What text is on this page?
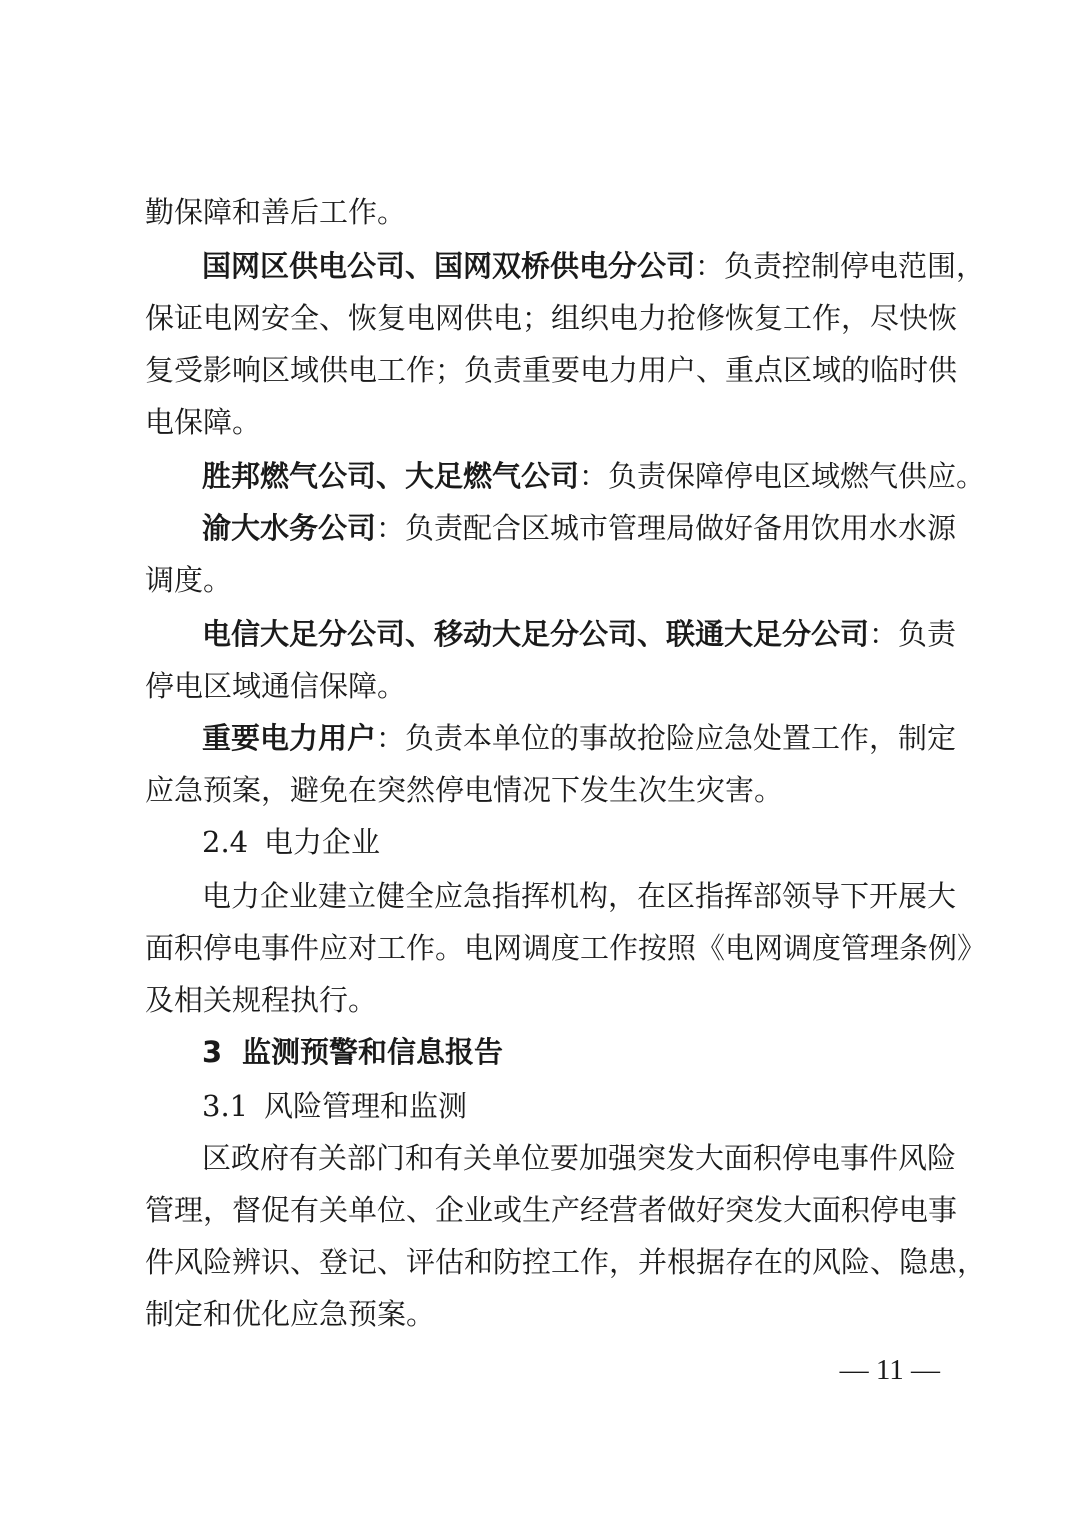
勤保障和善后工作。
国网区供电公司、国网双桥供电分公司：负责控制停电范围，
保证电网安全、恢复电网供电；组织电力抢修恢复工作，尽快恢
复受影响区域供电工作；负责重要电力用户、重点区域的临时供
电保障。
胜邦燃气公司、大足燃气公司：负责保障停电区域燃气供应。
渝大水务公司：负责配合区城市管理局做好备用饮用水水源
调度。
电信大足分公司、移动大足分公司、联通大足分公司：负责
停电区域通信保障。
重要电力用户：负责本单位的事故抢险应急处置工作，制定
应急预案，避免在突然停电情况下发生次生灾害。
2.4 电力企业
电力企业建立健全应急指挥机构，在区指挥部领导下开展大
面积停电事件应对工作。电网调度工作按照《电网调度管理条例》
及相关规程执行。
3 监测预警和信息报告
3.1 风险管理和监测
区政府有关部门和有关单位要加强突发大面积停电事件风险
管理，督促有关单位、企业或生产经营者做好突发大面积停电事
件风险辨识、登记、评估和防控工作，并根据存在的风险、隐患，
制定和优化应急预案。
— 11 —
